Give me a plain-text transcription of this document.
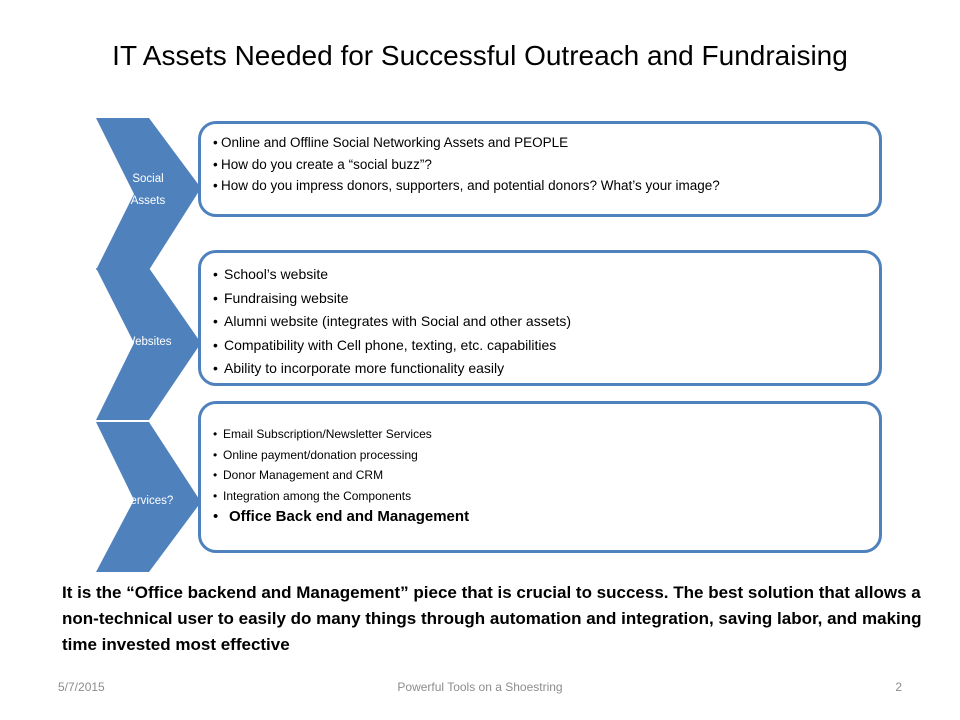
IT Assets Needed for Successful Outreach and Fundraising
Social
Assets
Websites
Services?
• Online and Offline Social Networking Assets and PEOPLE
• How do you create a “social buzz”?
• How do you impress donors, supporters, and potential donors? What’s your image?
• School’s website
• Fundraising website
• Alumni website (integrates with Social and other assets)
• Compatibility with Cell phone, texting, etc. capabilities
• Ability to incorporate more functionality easily
• Email Subscription/Newsletter Services
• Online payment/donation processing
• Donor Management and CRM
• Integration among the Components
• Office Back end and Management
It is the “Office backend and Management” piece that is crucial to success. The best solution that allows a non-technical user to easily do many things through automation and integration, saving labor, and making time invested most effective
5/7/2015	Powerful Tools on a Shoestring	2
